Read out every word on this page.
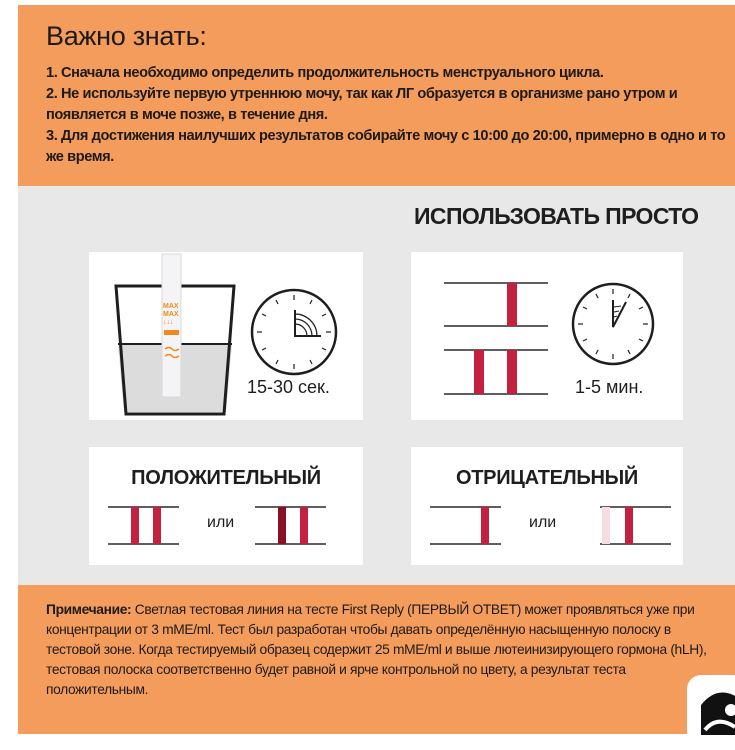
Важно знать:
1. Сначала необходимо определить продолжительность менструального цикла.
2. Не используйте первую утреннюю мочу, так как ЛГ образуется в организме рано утром и появляется в моче позже, в течение дня.
3. Для достижения наилучших результатов собирайте мочу с 10:00 до 20:00, примерно в одно и то же время.
ИСПОЛЬЗОВАТЬ ПРОСТО
MAX
MAX
↓↓↓
15-30 сек.	1-5 мин.
ПОЛОЖИТЕЛЬНЫЙ
или
ОТРИЦАТЕЛЬНЫЙ
или
Примечание: Светлая тестовая линия на тесте First Reply (ПЕРВЫЙ ОТВЕТ) может проявляться уже при концентрации от 3 mME/ml. Тест был разработан чтобы давать определённую насыщенную полоску в тестовой зоне. Когда тестируемый образец содержит 25 mME/ml и выше лютеинизирующего гормона (hLH), тестовая полоска соответственно будет равной и ярче контрольной по цвету, а результат теста положительным.
